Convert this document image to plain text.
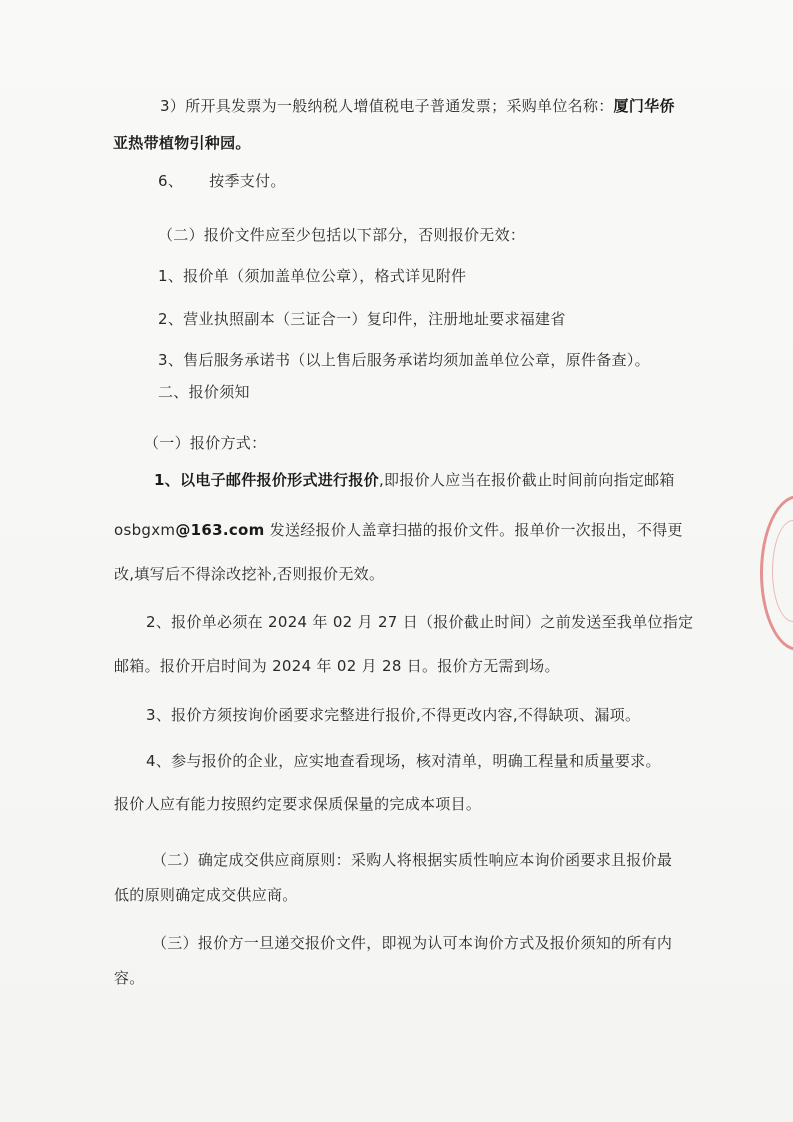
3）所开具发票为一般纳税人增值税电子普通发票；采购单位名称：厦门华侨
亚热带植物引种园。
6、 按季支付。
（二）报价文件应至少包括以下部分，否则报价无效：
1、报价单（须加盖单位公章），格式详见附件
2、营业执照副本（三证合一）复印件，注册地址要求福建省
3、售后服务承诺书（以上售后服务承诺均须加盖单位公章，原件备查）。
二、报价须知
（一）报价方式：
1、以电子邮件报价形式进行报价,即报价人应当在报价截止时间前向指定邮箱
osbgxm@163.com 发送经报价人盖章扫描的报价文件。报单价一次报出，不得更
改,填写后不得涂改挖补,否则报价无效。
2、报价单必须在 2024 年 02 月 27 日（报价截止时间）之前发送至我单位指定
邮箱。报价开启时间为 2024 年 02 月 28 日。报价方无需到场。
3、报价方须按询价函要求完整进行报价,不得更改内容,不得缺项、漏项。
4、参与报价的企业，应实地查看现场，核对清单，明确工程量和质量要求。
报价人应有能力按照约定要求保质保量的完成本项目。
（二）确定成交供应商原则：采购人将根据实质性响应本询价函要求且报价最
低的原则确定成交供应商。
（三）报价方一旦递交报价文件，即视为认可本询价方式及报价须知的所有内
容。
